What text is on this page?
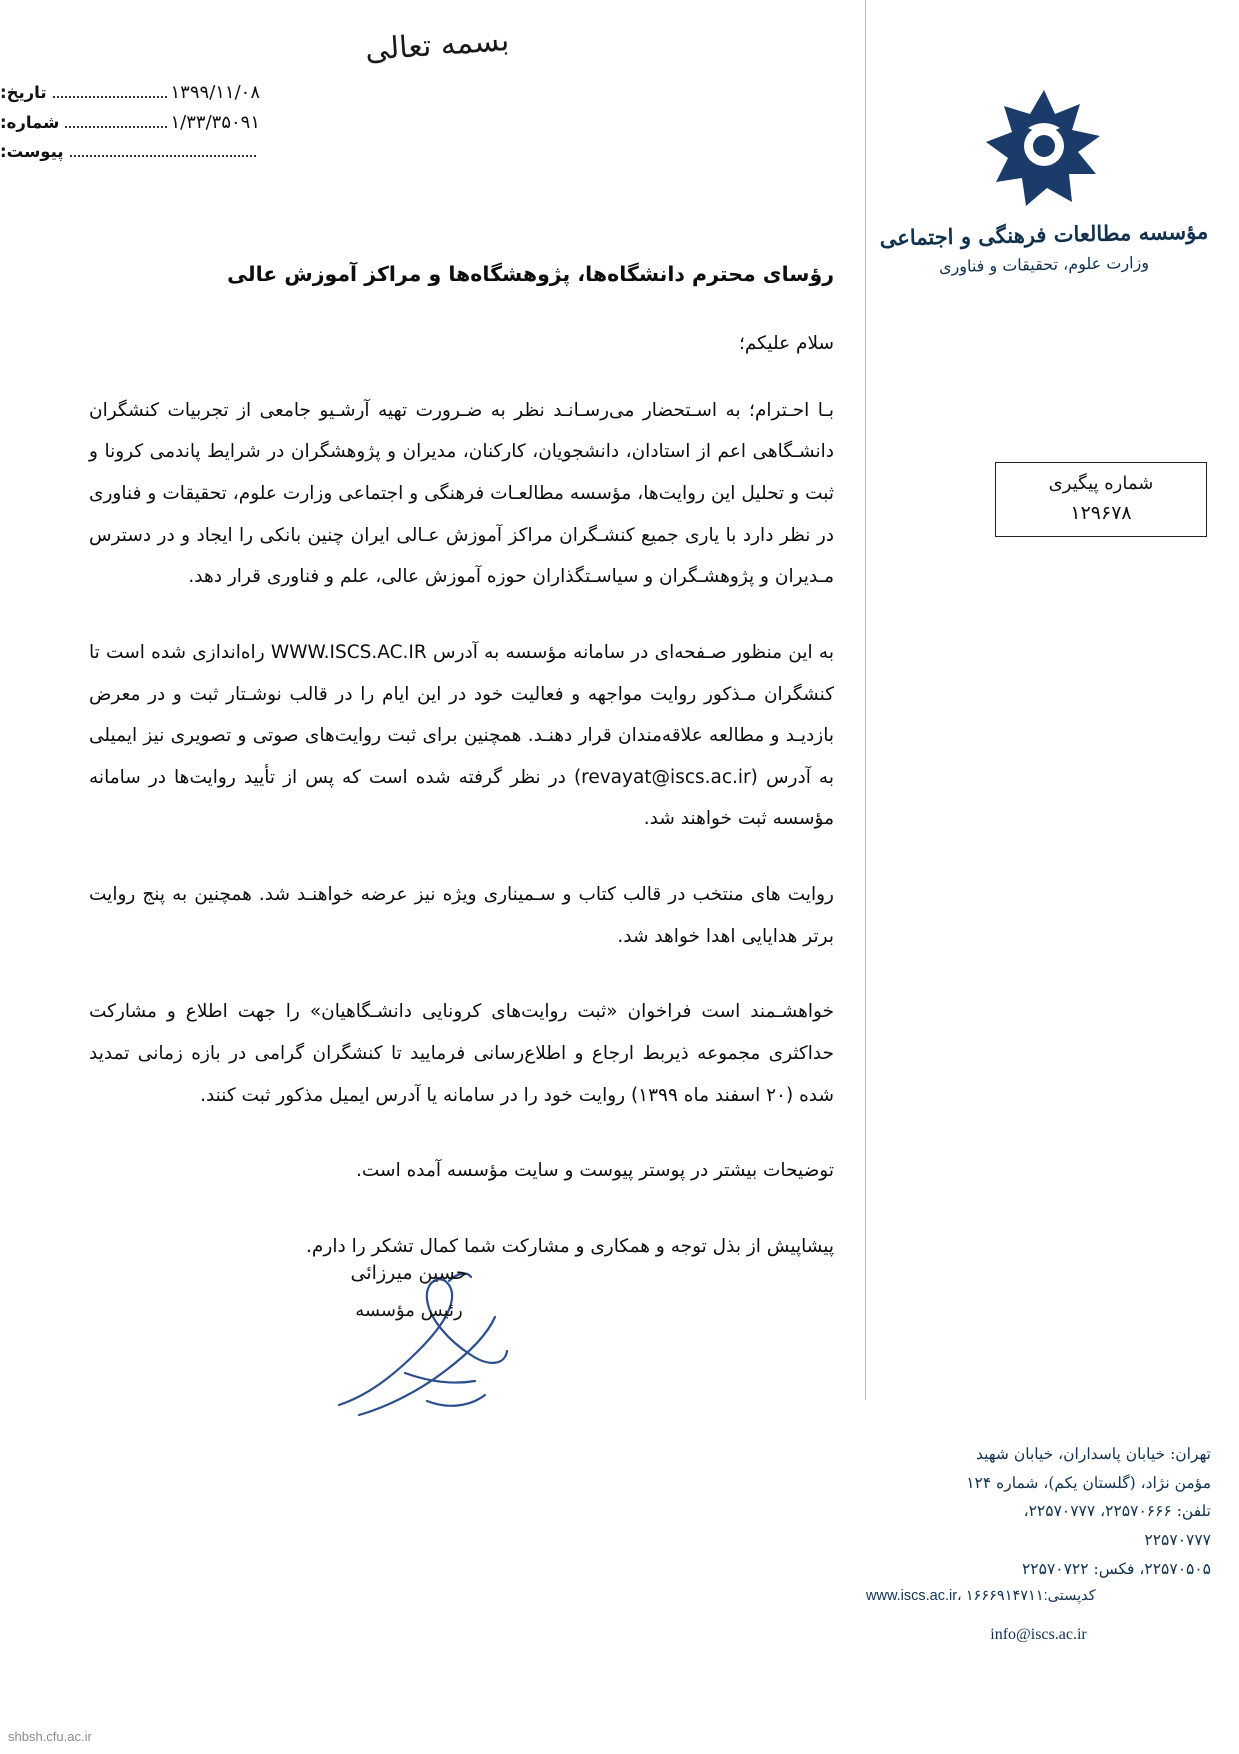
بسمه تعالی
۱۳۹۹/۱۱/۰۸
تاریخ:
۱/۳۳/۳۵۰۹۱
شماره:
پیوست:
مؤسسه مطالعات فرهنگی و اجتماعی
وزارت علوم، تحقیقات و فناوری
شماره پیگیری
۱۲۹۶۷۸
رؤسای محترم دانشگاه‌ها، پژوهشگاه‌ها و مراکز آموزش عالی
سلام علیکم؛

بـا احـترام؛ به اسـتحضار می‌رسـانـد نظر به ضـرورت تهیه آرشـیو جامعی از تجربیات کنشگران دانشـگاهی اعم از استادان، دانشجویان، کارکنان، مدیران و پژوهشگران در شرایط پاندمی کرونا و ثبت و تحلیل این روایت‌ها، مؤسسه مطالعـات فرهنگی و اجتماعی وزارت علوم، تحقیقات و فناوری در نظر دارد با یاری جمیع کنشـگران مراکز آموزش عـالی ایران چنین بانکی را ایجاد و در دسترس مـدیران و پژوهشـگران و سیاسـتگذاران حوزه آموزش عالی، علم و فناوری قرار دهد.

به این منظور صـفحه‌ای در سامانه مؤسسه به آدرس WWW.ISCS.AC.IR راه‌اندازی شده است تا کنشگران مـذکور روایت مواجهه و فعالیت خود در این ایام را در قالب نوشـتار ثبت و در معرض بازدیـد و مطالعه علاقه‌مندان قرار دهنـد. همچنین برای ثبت روایت‌های صوتی و تصویری نیز ایمیلی به آدرس (revayat@iscs.ac.ir) در نظر گرفته شده است که پس از تأیید روایت‌ها در سامانه مؤسسه ثبت خواهند شد.

روایت های منتخب در قالب کتاب و سـمیناری ویژه نیز عرضه خواهنـد شد. همچنین به پنج روایت برتر هدایایی اهدا خواهد شد.

خواهشـمند است فراخوان «ثبت روایت‌های کرونایی دانشـگاهیان» را جهت اطلاع و مشارکت حداکثری مجموعه ذیربط ارجاع و اطلاع‌رسانی فرمایید تا کنشگران گرامی در بازه زمانی تمدید شده (۲۰ اسفند ماه ۱۳۹۹) روایت خود را در سامانه یا آدرس ایمیل مذکور ثبت کنند.

توضیحات بیشتر در پوستر پیوست و سایت مؤسسه آمده است.

پیشاپیش از بذل توجه و همکاری و مشارکت شما کمال تشکر را دارم.

حسین میرزائی
رئیس مؤسسه
تهران: خیابان پاسداران، خیابان شهید
مؤمن نژاد، (گلستان یکم)، شماره ۱۲۴
تلفن: ۲۲۵۷۰۶۶۶، ۲۲۵۷۰۷۷۷،
۲۲۵۷۰۷۷۷
۲۲۵۷۰۵۰۵، فکس: ۲۲۵۷۰۷۲۲
www.iscs.ac.ir، کدپستی:۱۶۶۶۹۱۴۷۱۱
info@iscs.ac.ir
shbsh.cfu.ac.ir
